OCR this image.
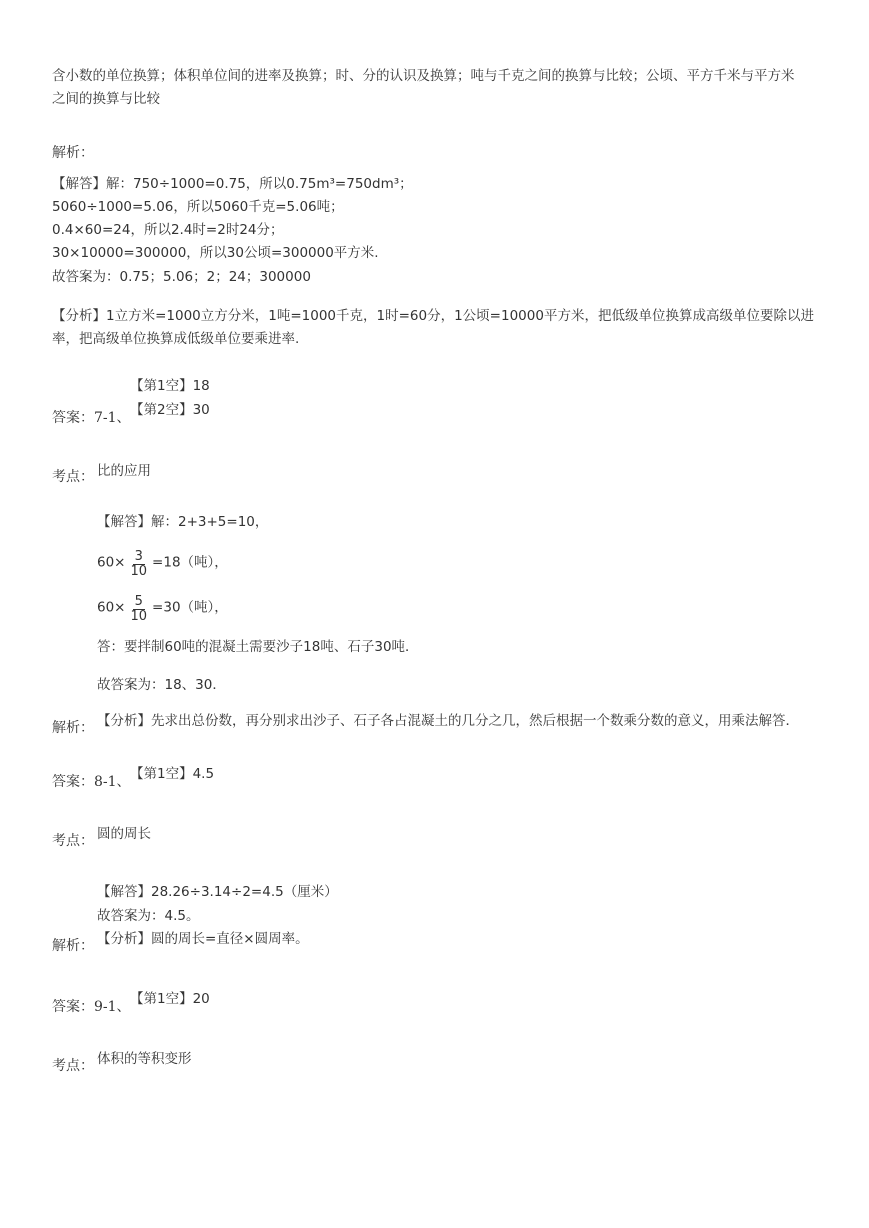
含小数的单位换算；体积单位间的进率及换算；时、分的认识及换算；吨与千克之间的换算与比较；公顷、平方千米与平方米
之间的换算与比较
解析：
【解答】解：750÷1000=0.75，所以0.75m³=750dm³；
5060÷1000=5.06，所以5060千克=5.06吨；
0.4×60=24，所以2.4时=2时24分；
30×10000=300000，所以30公顷=300000平方米.
故答案为：0.75；5.06；2；24；300000
【分析】1立方米=1000立方分米，1吨=1000千克，1时=60分，1公顷=10000平方米，把低级单位换算成高级单位要除以进
率，把高级单位换算成低级单位要乘进率.
【第1空】18
答案：7-1、 【第2空】30
考点： 比的应用
【解答】解：2+3+5=10，
$60\times \frac{3}{10} =18$（吨），
$60\times \frac{5}{10} =30$（吨），
答：要拌制60吨的混凝土需要沙子18吨、石子30吨．
故答案为：18、30．
解析： 【分析】先求出总份数，再分别求出沙子、石子各占混凝土的几分之几，然后根据一个数乘分数的意义，用乘法解答．
答案：8-1、 【第1空】4.5
考点： 圆的周长
【解答】28.26÷3.14÷2=4.5（厘米）
故答案为：4.5。
解析： 【分析】圆的周长=直径×圆周率。
答案：9-1、 【第1空】20
考点： 体积的等积变形
